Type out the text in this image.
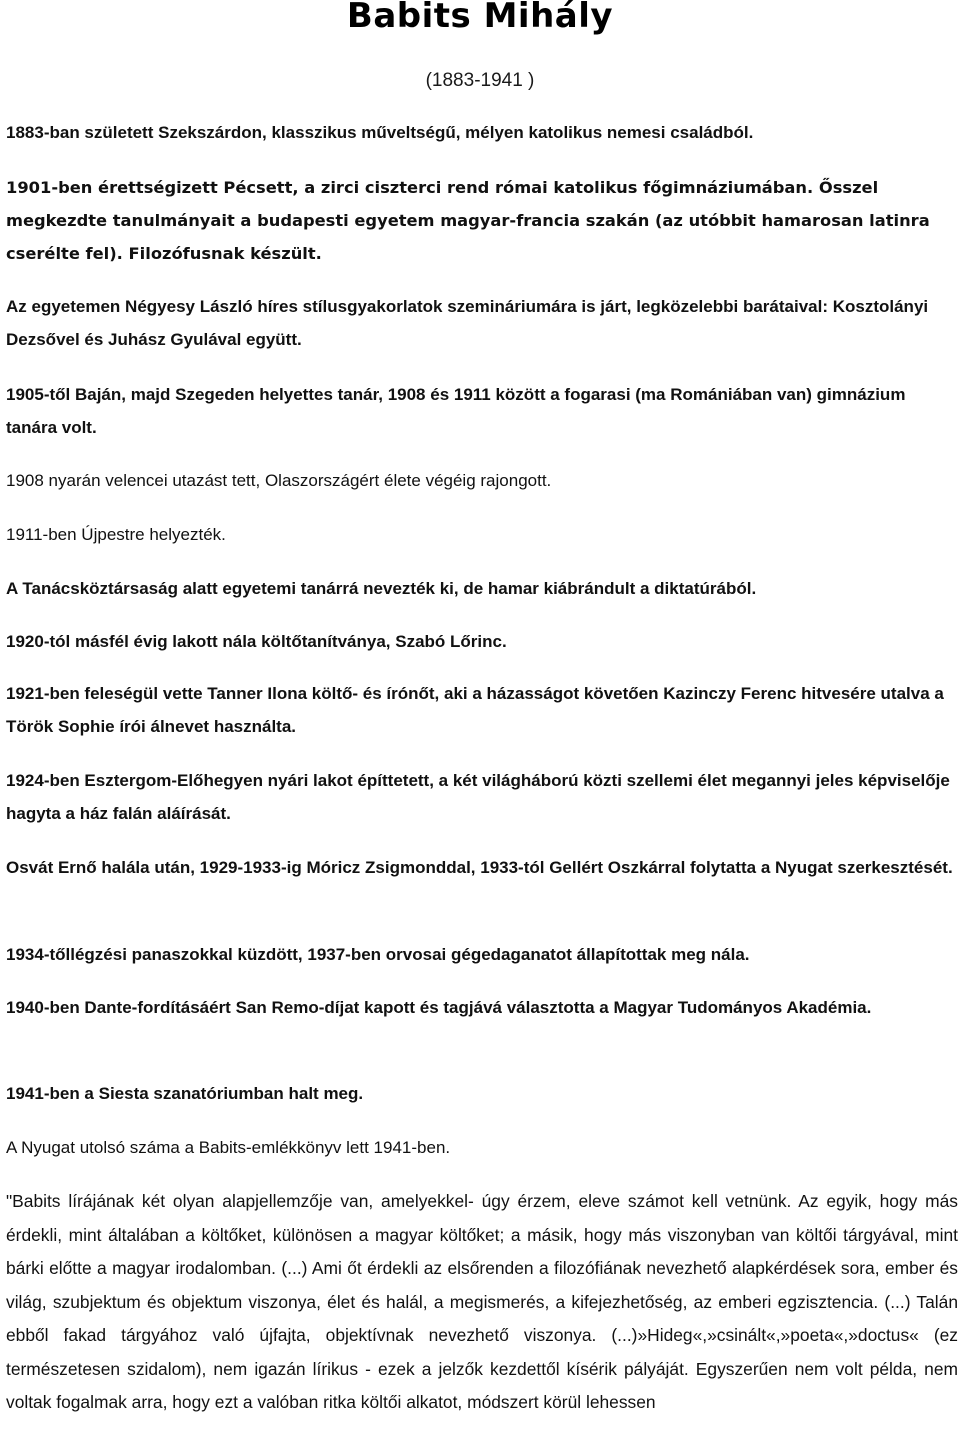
Babits Mihály

(1883-1941 )

1883-ban született Szekszárdon, klasszikus műveltségű, mélyen katolikus nemesi családból.

1901-ben érettségizett Pécsett, a zirci ciszterci rend római katolikus főgimnáziumában. Ősszel megkezdte tanulmányait a budapesti egyetem magyar-francia szakán (az utóbbit hamarosan latinra cserélte fel). Filozófusnak készült.

Az egyetemen Négyesy László híres stílusgyakorlatok szemináriumára is járt, legközelebbi barátaival: Kosztolányi Dezsővel és Juhász Gyulával együtt.

1905-től Baján, majd Szegeden helyettes tanár, 1908 és 1911 között a fogarasi (ma Romániában van) gimnázium tanára volt.

1908 nyarán velencei utazást tett, Olaszországért élete végéig rajongott.

1911-ben Újpestre helyezték.

A Tanácsköztársaság alatt egyetemi tanárrá nevezték ki, de hamar kiábrándult a diktatúrából.

1920-tól másfél évig lakott nála költőtanítványa, Szabó Lőrinc.

1921-ben feleségül vette Tanner Ilona költő- és írónőt, aki a házasságot követően Kazinczy Ferenc hitvesére utalva a Török Sophie írói álnevet használta.

1924-ben Esztergom-Előhegyen nyári lakot építtetett, a két világháború közti szellemi élet megannyi jeles képviselője hagyta a ház falán aláírását.

Osvát Ernő halála után, 1929-1933-ig Móricz Zsigmonddal, 1933-tól Gellért Oszkárral folytatta a Nyugat szerkesztését.

1934-tőllégzési panaszokkal küzdött, 1937-ben orvosai gégedaganatot állapítottak meg nála.

1940-ben Dante-fordításáért San Remo-díjat kapott és tagjává választotta a Magyar Tudományos Akadémia.

1941-ben a Siesta szanatóriumban halt meg.

A Nyugat utolsó száma a Babits-emlékkönyv lett 1941-ben.

"Babits lírájának két olyan alapjellemzője van, amelyekkel- úgy érzem, eleve számot kell vetnünk. Az egyik, hogy más érdekli, mint általában a költőket, különösen a magyar költőket; a másik, hogy más viszonyban van költői tárgyával, mint bárki előtte a magyar irodalomban. (...) Ami őt érdekli az elsőrenden a filozófiának nevezhető alapkérdések sora, ember és világ, szubjektum és objektum viszonya, élet és halál, a megismerés, a kifejezhetőség, az emberi egzisztencia. (...) Talán ebből fakad tárgyához való újfajta, objektívnak nevezhető viszonya. (...)»Hideg«,»csinált«,»poeta«,»doctus« (ez természetesen szidalom), nem igazán lírikus - ezek a jelzők kezdettől kísérik pályáját. Egyszerűen nem volt példa, nem voltak fogalmak arra, hogy ezt a valóban ritka költői alkatot, módszert körül lehessen
